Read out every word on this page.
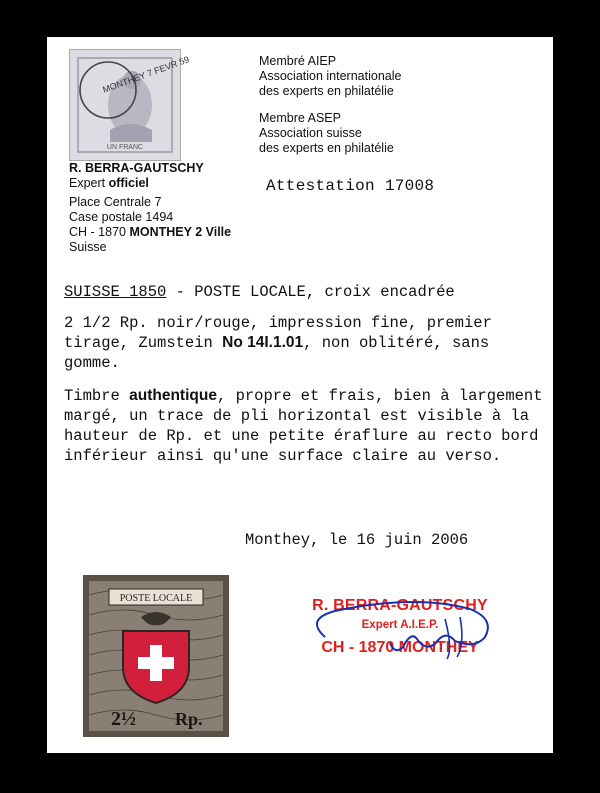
MONTHEY 7 FEVR 59
UN FRANC
R. BERRA-GAUTSCHY
Expert officiel
Place Centrale 7
Case postale 1494
CH - 1870 MONTHEY 2 Ville
Suisse
Membré AIEP
Association internationale
des experts en philatélie
Membre ASEP
Association suisse
des experts en philatélie
Attestation 17008
SUISSE 1850 - POSTE LOCALE, croix encadrée
2 1/2 Rp. noir/rouge, impression fine, premier tirage, Zumstein No 14I.1.01, non oblitéré, sans gomme.
Timbre authentique, propre et frais, bien à largement margé, un trace de pli horizontal est visible à la hauteur de Rp. et une petite éraflure au recto bord inférieur ainsi qu'une surface claire au verso.
Monthey, le 16 juin 2006
POSTE LOCALE
2½ Rp.
R. BERRA-GAUTSCHY
Expert A.I.E.P.
CH - 1870 MONTHEY
